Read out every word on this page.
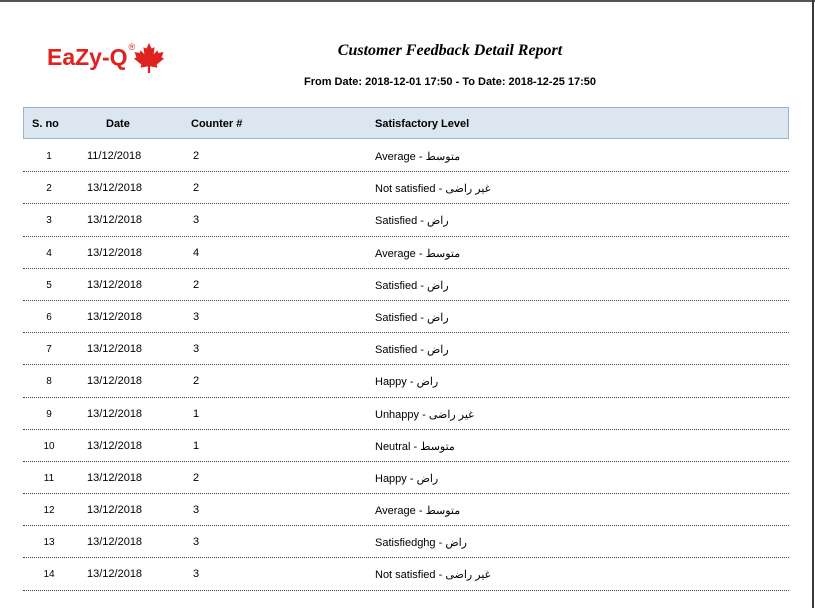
EaZy-Q ®	Customer Feedback Detail Report
From Date: 2018-12-01 17:50 - To Date: 2018-12-25 17:50
S. no	Date	Counter #	Satisfactory Level
1	11/12/2018	2	Average - متوسط
2	13/12/2018	2	Not satisfied - غير راضى
3	13/12/2018	3	Satisfied - راض
4	13/12/2018	4	Average - متوسط
5	13/12/2018	2	Satisfied - راض
6	13/12/2018	3	Satisfied - راض
7	13/12/2018	3	Satisfied - راض
8	13/12/2018	2	Happy - راض
9	13/12/2018	1	Unhappy - غير راضى
10	13/12/2018	1	Neutral - متوسط
11	13/12/2018	2	Happy - راض
12	13/12/2018	3	Average - متوسط
13	13/12/2018	3	Satisfiedghg - راض
14	13/12/2018	3	Not satisfied - غير راضى
